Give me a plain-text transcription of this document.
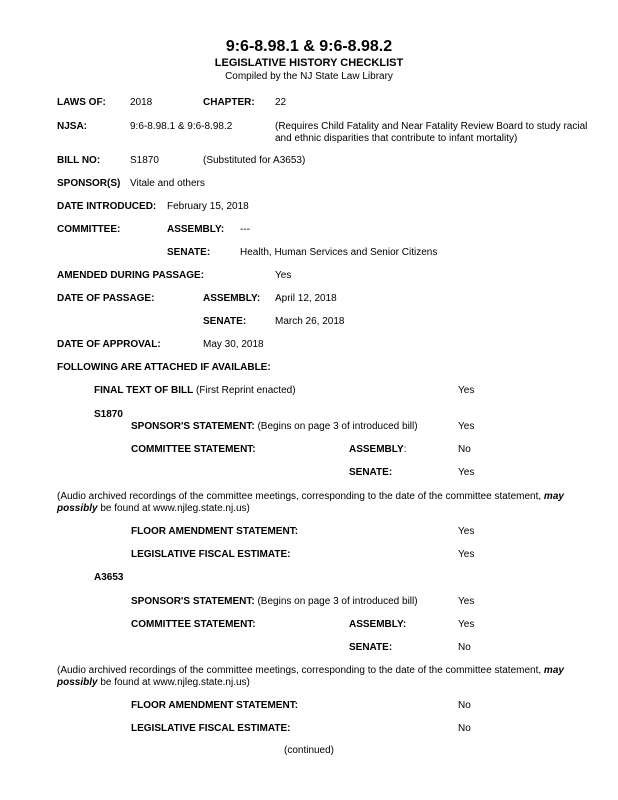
9:6-8.98.1 & 9:6-8.98.2
LEGISLATIVE HISTORY CHECKLIST
Compiled by the NJ State Law Library
LAWS OF: 2018	CHAPTER: 22
NJSA:	9:6-8.98.1 & 9:6-8.98.2	(Requires Child Fatality and Near Fatality Review Board to study racial and ethnic disparities that contribute to infant mortality)
BILL NO:	S1870	(Substituted for A3653)
SPONSOR(S) Vitale and others
DATE INTRODUCED: February 15, 2018
COMMITTEE:	ASSEMBLY: ---
SENATE:	Health, Human Services and Senior Citizens
AMENDED DURING PASSAGE:	Yes
DATE OF PASSAGE:	ASSEMBLY: April 12, 2018
SENATE:	March 26, 2018
DATE OF APPROVAL:	May 30, 2018
FOLLOWING ARE ATTACHED IF AVAILABLE:
FINAL TEXT OF BILL (First Reprint enacted)	Yes
S1870
SPONSOR'S STATEMENT: (Begins on page 3 of introduced bill)	Yes
COMMITTEE STATEMENT:	ASSEMBLY:	No
SENATE:	Yes
(Audio archived recordings of the committee meetings, corresponding to the date of the committee statement, may possibly be found at www.njleg.state.nj.us)
FLOOR AMENDMENT STATEMENT:	Yes
LEGISLATIVE FISCAL ESTIMATE:	Yes
A3653
SPONSOR'S STATEMENT: (Begins on page 3 of introduced bill)	Yes
COMMITTEE STATEMENT:	ASSEMBLY:	Yes
SENATE:	No
(Audio archived recordings of the committee meetings, corresponding to the date of the committee statement, may possibly be found at www.njleg.state.nj.us)
FLOOR AMENDMENT STATEMENT:	No
LEGISLATIVE FISCAL ESTIMATE:	No
(continued)
